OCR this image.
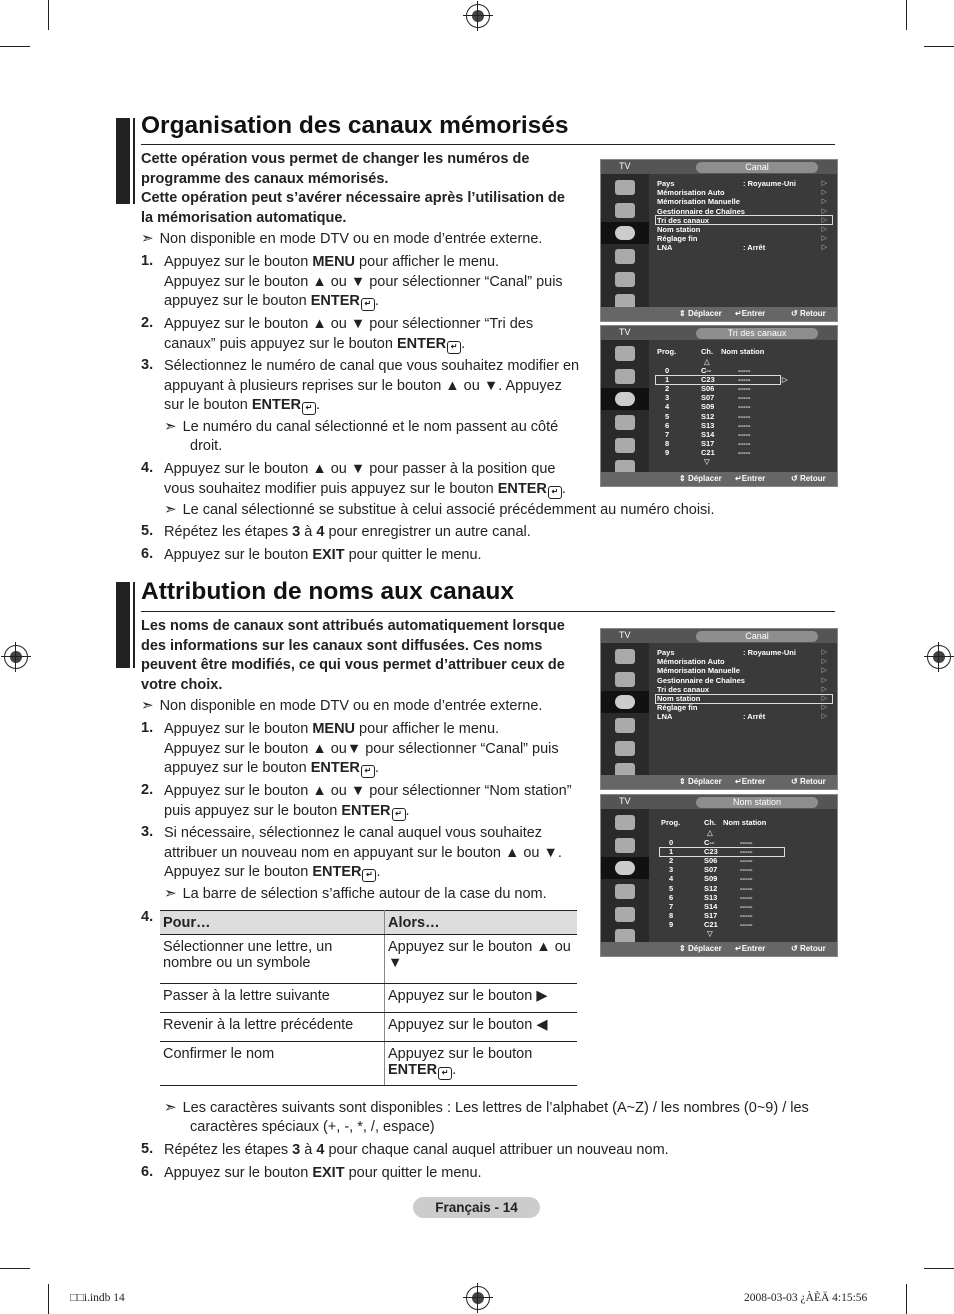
Organisation des canaux mémorisés
Cette opération vous permet de changer les numéros de
programme des canaux mémorisés.
Cette opération peut s’avérer nécessaire après l’utilisation de
la mémorisation automatique.
➣ Non disponible en mode DTV ou en mode d’entrée externe.
1. Appuyez sur le bouton MENU pour afficher le menu.
Appuyez sur le bouton ▲ ou ▼ pour sélectionner “Canal” puis
appuyez sur le bouton ENTER ↵ .
2. Appuyez sur le bouton ▲ ou ▼ pour sélectionner “Tri des
canaux” puis appuyez sur le bouton ENTER ↵ .
3. Sélectionnez le numéro de canal que vous souhaitez modifier en
appuyant à plusieurs reprises sur le bouton ▲ ou ▼. Appuyez
sur le bouton ENTER ↵ .
➣ Le numéro du canal sélectionné et le nom passent au côté
droit.
4. Appuyez sur le bouton ▲ ou ▼ pour passer à la position que
vous souhaitez modifier puis appuyez sur le bouton ENTER ↵ .
➣ Le canal sélectionné se substitue à celui associé précédemment au numéro choisi.
5. Répétez les étapes 3 à 4 pour enregistrer un autre canal.
6. Appuyez sur le bouton EXIT pour quitter le menu.
Attribution de noms aux canaux
Les noms de canaux sont attribués automatiquement lorsque
des informations sur les canaux sont diffusées. Ces noms
peuvent être modifiés, ce qui vous permet d’attribuer ceux de
votre choix.
➣ Non disponible en mode DTV ou en mode d’entrée externe.
1. Appuyez sur le bouton MENU pour afficher le menu.
Appuyez sur le bouton ▲ ou▼ pour sélectionner “Canal” puis
appuyez sur le bouton ENTER ↵ .
2. Appuyez sur le bouton ▲ ou ▼ pour sélectionner “Nom station”
puis appuyez sur le bouton ENTER ↵ .
3. Si nécessaire, sélectionnez le canal auquel vous souhaitez
attribuer un nouveau nom en appuyant sur le bouton ▲ ou ▼.
Appuyez sur le bouton ENTER ↵ .
➣ La barre de sélection s’affiche autour de la case du nom.
4. Pour…	Alors…
Sélectionner une lettre, un nombre ou un symbole	Appuyez sur le bouton ▲ ou ▼
Passer à la lettre suivante	Appuyez sur le bouton ▶
Revenir à la lettre précédente	Appuyez sur le bouton ◀
Confirmer le nom	Appuyez sur le bouton ENTER ↵ .
➣ Les caractères suivants sont disponibles : Les lettres de l’alphabet (A~Z) / les nombres (0~9) / les
caractères spéciaux (+, -, *, /, espace)
5. Répétez les étapes 3 à 4 pour chaque canal auquel attribuer un nouveau nom.
6. Appuyez sur le bouton EXIT pour quitter le menu.
TV	Canal
Pays	: Royaume-Uni	▷
Mémorisation Auto	▷
Mémorisation Manuelle	▷
Gestionnaire de Chaînes	▷
Tri des canaux	▷
Nom station	▷
Réglage fin	▷
LNA	: Arrêt	▷
⇕ Déplacer ↵Entrer	↺ Retour
TV	Tri des canaux
Prog.	Ch. Nom station
△
▷
▽
0	C--	-----
1	C23	-----
2	S06	-----
3	S07	-----
4	S09	-----
5	S12	-----
6	S13	-----
7	S14	-----
8	S17	-----
9	C21	-----
⇕ Déplacer ↵Entrer	↺ Retour
TV	Canal
Pays	: Royaume-Uni	▷
Mémorisation Auto	▷
Mémorisation Manuelle	▷
Gestionnaire de Chaînes	▷
Tri des canaux	▷
Nom station	▷
Réglage fin	▷
LNA	: Arrêt	▷
⇕ Déplacer ↵Entrer	↺ Retour
TV	Nom station
Prog.	Ch. Nom station
△
▽
0	C--	-----
1	C23	-----
2	S06	-----
3	S07	-----
4	S09	-----
5	S12	-----
6	S13	-----
7	S14	-----
8	S17	-----
9	C21	-----
⇕ Déplacer ↵Entrer	↺ Retour
Français - 14
□□i.indb 14	2008-03-03 ¿ÀÈÄ 4:15:56
